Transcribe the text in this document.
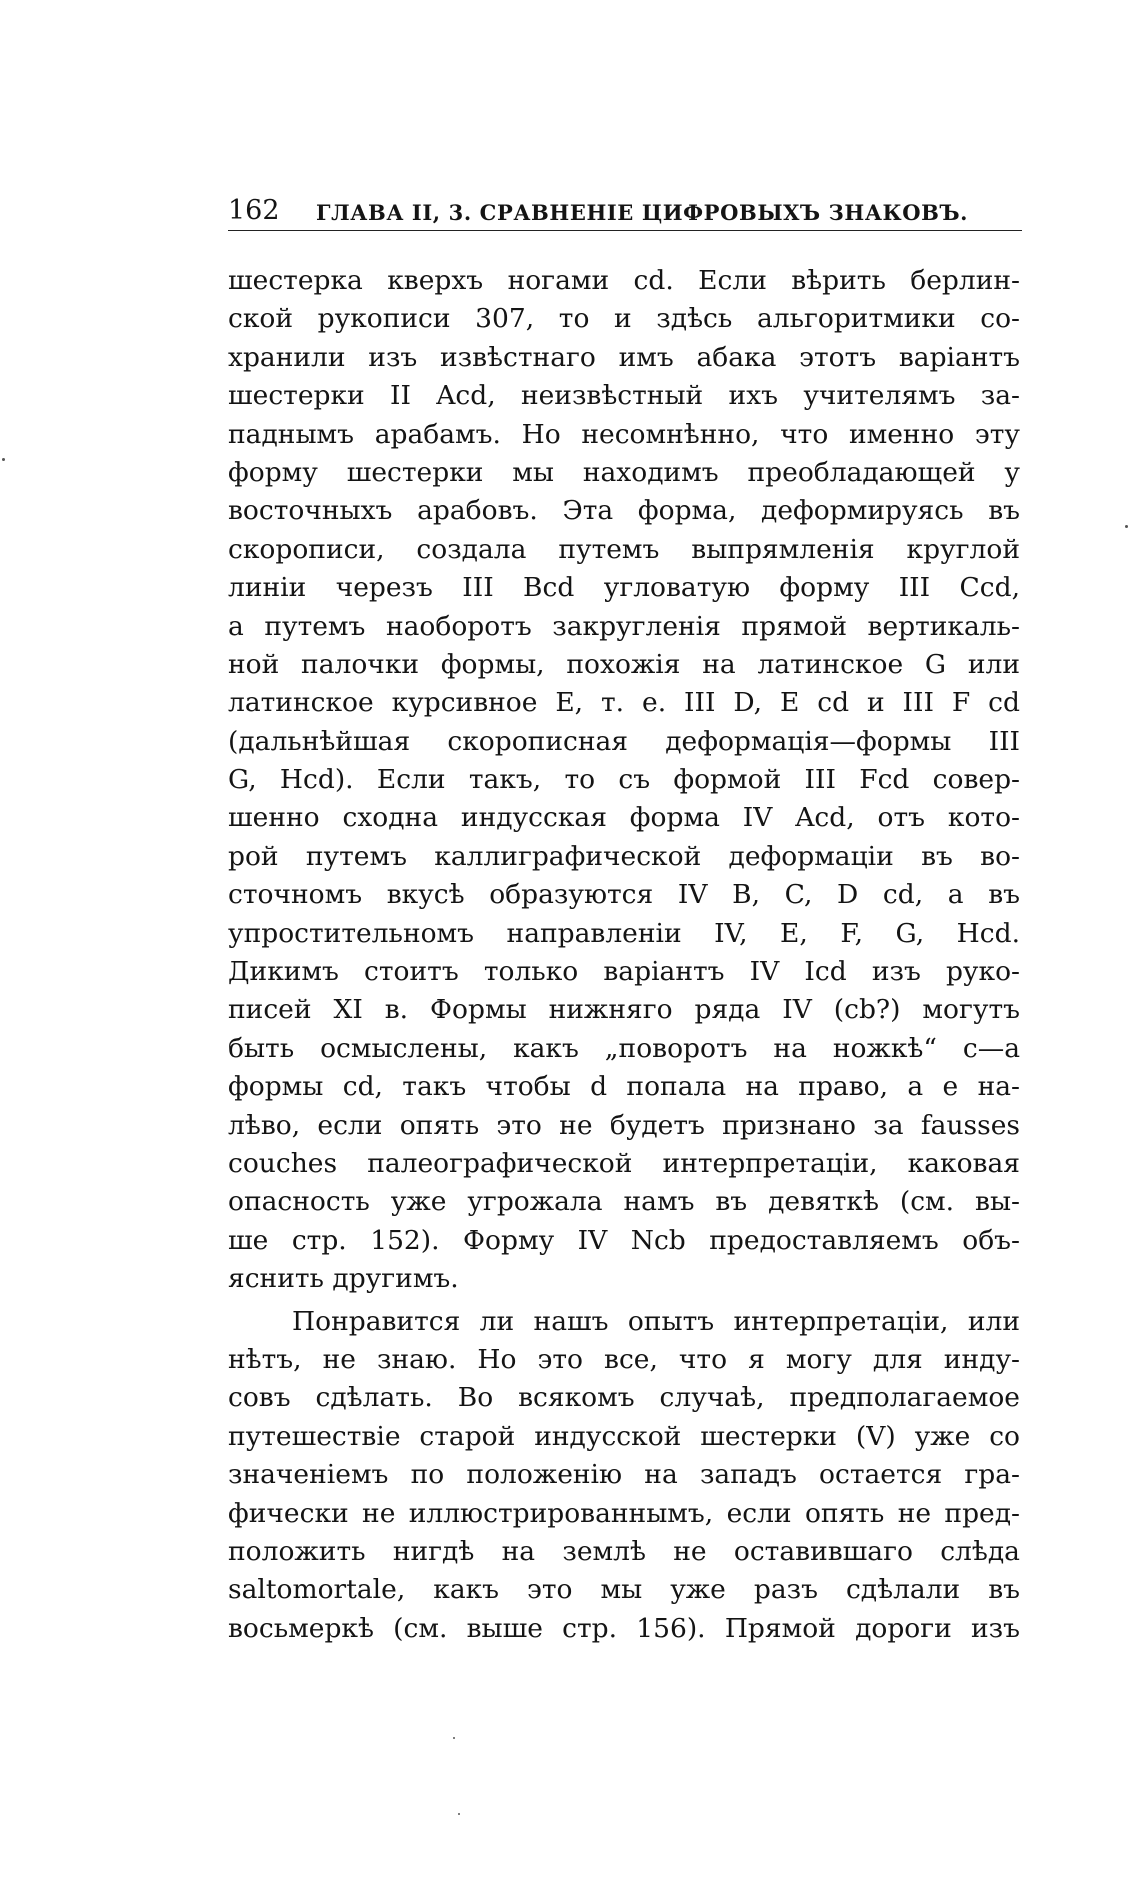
162 ГЛАВА II, 3. СРАВНЕНІЕ ЦИФРОВЫХЪ ЗНАКОВЪ.
шестерка кверхъ ногами cd. Если вѣрить берлин-
ской рукописи 307, то и здѣсь альгоритмики со-
хранили изъ извѣстнаго имъ абака этотъ варіантъ
шестерки II Acd, неизвѣстный ихъ учителямъ за-
паднымъ арабамъ. Но несомнѣнно, что именно эту
форму шестерки мы находимъ преобладающей у
восточныхъ арабовъ. Эта форма, деформируясь въ
скорописи, создала путемъ выпрямленія круглой
линіи черезъ III Bcd угловатую форму III Ccd,
а путемъ наоборотъ закругленія прямой вертикаль-
ной палочки формы, похожія на латинское G или
латинское курсивное E, т. е. III D, E cd и III F cd
(дальнѣйшая скорописная деформація—формы III
G, Hcd). Если такъ, то съ формой III Fcd совер-
шенно сходна индусская форма IV Acd, отъ кото-
рой путемъ каллиграфической деформаціи въ во-
сточномъ вкусѣ образуются IV B, C, D cd, а въ
упростительномъ направленіи IV, E, F, G, Hcd.
Дикимъ стоитъ только варіантъ IV Icd изъ руко-
писей XI в. Формы нижняго ряда IV (cb?) могутъ
быть осмыслены, какъ „поворотъ на ножкѣ“ c—a
формы cd, такъ чтобы d попала на право, а e на-
лѣво, если опять это не будетъ признано за fausses
couches палеографической интерпретаціи, каковая
опасность уже угрожала намъ въ девяткѣ (см. вы-
ше стр. 152). Форму IV Ncb предоставляемъ объ-
яснить другимъ.
Понравится ли нашъ опытъ интерпретаціи, или
нѣтъ, не знаю. Но это все, что я могу для инду-
совъ сдѣлать. Во всякомъ случаѣ, предполагаемое
путешествіе старой индусской шестерки (V) уже со
значеніемъ по положенію на западъ остается гра-
фически не иллюстрированнымъ, если опять не пред-
положить нигдѣ на землѣ не оставившаго слѣда
saltomortale, какъ это мы уже разъ сдѣлали въ
восьмеркѣ (см. выше стр. 156). Прямой дороги изъ
